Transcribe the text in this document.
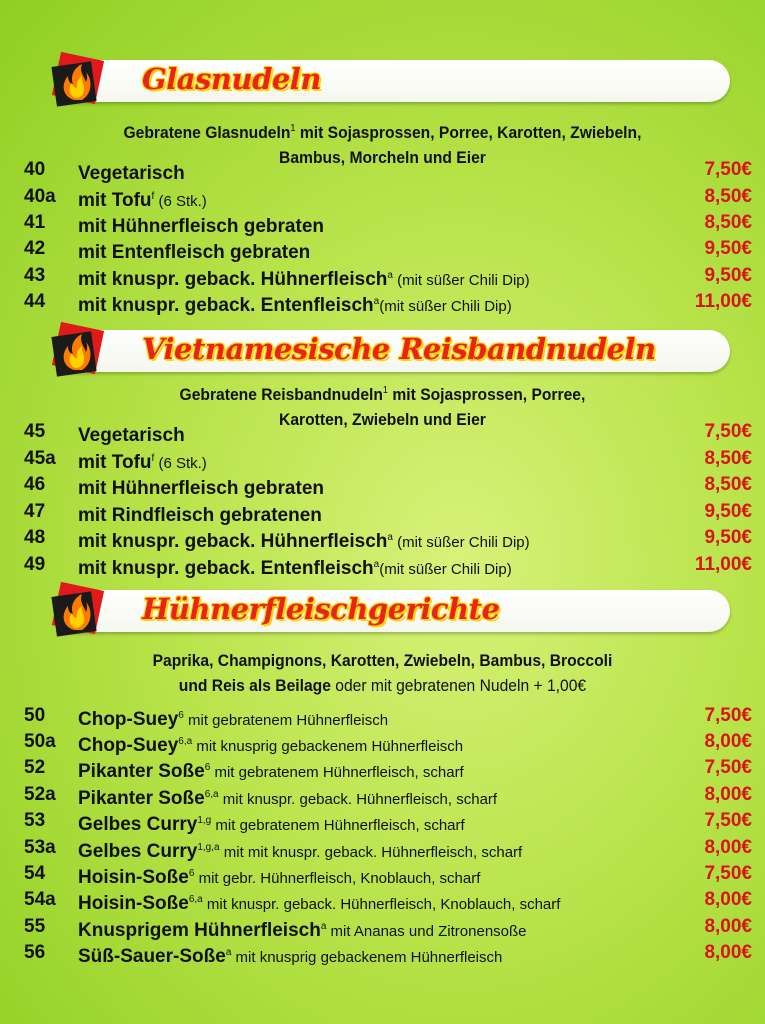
Glasnudeln
Gebratene Glasnudeln$^1$ mit Sojasprossen, Porree, Karotten, Zwiebeln,
Bambus, Morcheln und Eier
Vietnamesische Reisbandnudeln
Gebratene Reisbandnudeln$^1$ mit Sojasprossen, Porree,
Karotten, Zwiebeln und Eier
Hühnerfleischgerichte
Paprika, Champignons, Karotten, Zwiebeln, Bambus, Broccoli
und Reis als Beilage oder mit gebratenen Nudeln + 1,00€
40 Vegetarisch	7,50€
40a mit Tofu$^f$ (6 Stk.)	8,50€
41 mit Hühnerfleisch gebraten	8,50€
42 mit Entenfleisch gebraten	9,50€
43 mit knuspr. geback. Hühnerfleisch$^a$ (mit süßer Chili Dip)	9,50€
44 mit knuspr. geback. Entenfleisch$^a$(mit süßer Chili Dip)	11,00€
45 Vegetarisch	7,50€
45a mit Tofu$^f$ (6 Stk.)	8,50€
46 mit Hühnerfleisch gebraten	8,50€
47 mit Rindfleisch gebratenen	9,50€
48 mit knuspr. geback. Hühnerfleisch$^a$ (mit süßer Chili Dip)	9,50€
49 mit knuspr. geback. Entenfleisch$^a$(mit süßer Chili Dip)	11,00€
50 Chop-Suey$^6$ mit gebratenem Hühnerfleisch	7,50€
50a Chop-Suey$^{6,a}$ mit knusprig gebackenem Hühnerfleisch	8,00€
52 Pikanter Soße$^6$ mit gebratenem Hühnerfleisch, scharf	7,50€
52a Pikanter Soße$^{6,a}$ mit knuspr. geback. Hühnerfleisch, scharf	8,00€
53 Gelbes Curry$^{1,g}$ mit gebratenem Hühnerfleisch, scharf	7,50€
53a Gelbes Curry$^{1,g,a}$ mit mit knuspr. geback. Hühnerfleisch, scharf	8,00€
54 Hoisin-Soße$^6$ mit gebr. Hühnerfleisch, Knoblauch, scharf	7,50€
54a Hoisin-Soße$^{6,a}$ mit knuspr. geback. Hühnerfleisch, Knoblauch, scharf	8,00€
55 Knusprigem Hühnerfleisch$^a$ mit Ananas und Zitronensoße	8,00€
56 Süß-Sauer-Soße$^a$ mit knusprig gebackenem Hühnerfleisch	8,00€
